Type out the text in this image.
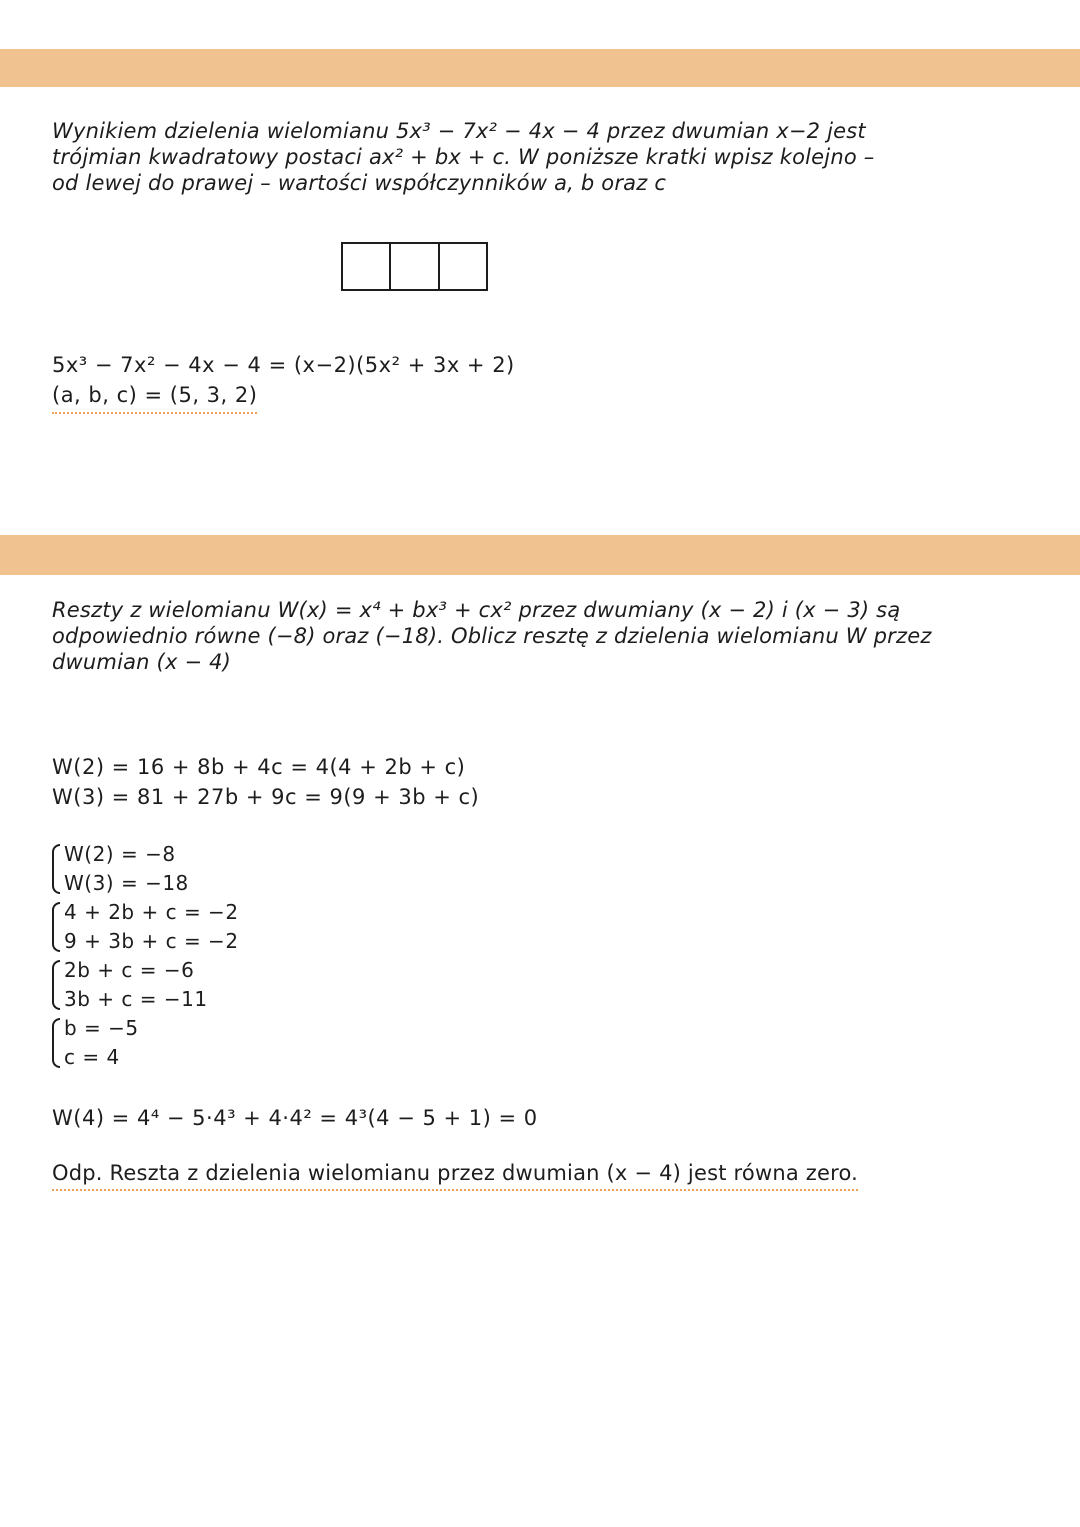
Wynikiem dzielenia wielomianu 5x³ − 7x² − 4x − 4 przez dwumian x−2 jest
trójmian kwadratowy postaci ax² + bx + c. W poniższe kratki wpisz kolejno –
od lewej do prawej – wartości współczynników a, b oraz c
5x³ − 7x² − 4x − 4 = (x−2)(5x² + 3x + 2)
(a, b, c) = (5, 3, 2)
Reszty z wielomianu W(x) = x⁴ + bx³ + cx² przez dwumiany (x − 2) i (x − 3) są
odpowiednio równe (−8) oraz (−18). Oblicz resztę z dzielenia wielomianu W przez
dwumian (x − 4)
W(2) = 16 + 8b + 4c = 4(4 + 2b + c)
W(3) = 81 + 27b + 9c = 9(9 + 3b + c)
W(2) = −8
W(3) = −18
4 + 2b + c = −2
9 + 3b + c = −2
2b + c = −6
3b + c = −11
b = −5
c = 4
W(4) = 4⁴ − 5·4³ + 4·4² = 4³(4 − 5 + 1) = 0
Odp. Reszta z dzielenia wielomianu przez dwumian (x − 4) jest równa zero.
